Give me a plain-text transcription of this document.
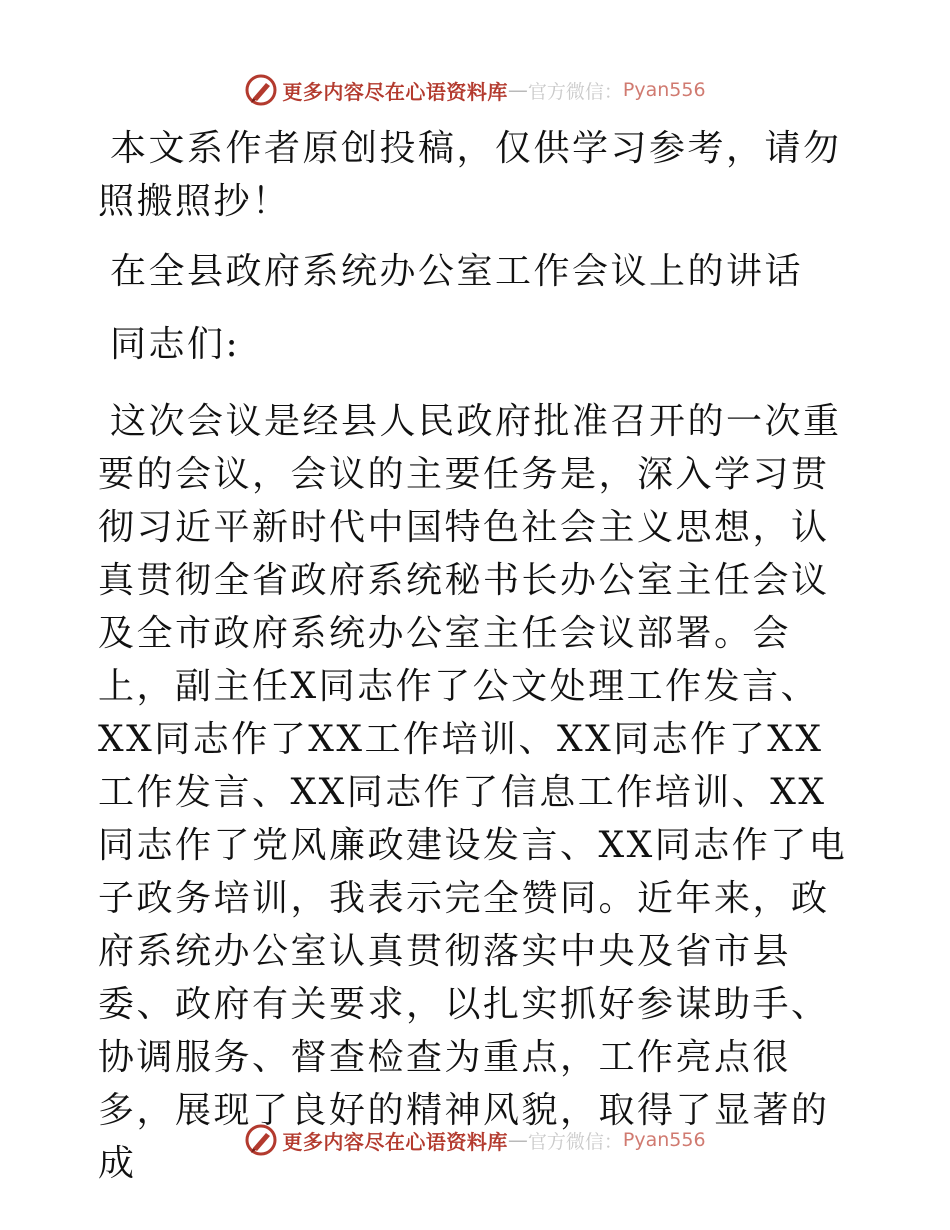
更多内容尽在心语资料库 — 官方微信： Pyan556

本文系作者原创投稿，仅供学习参考，请勿照搬照抄！

在全县政府系统办公室工作会议上的讲话

同志们:

这次会议是经县人民政府批准召开的一次重要的会议，会议的主要任务是，深入学习贯彻习近平新时代中国特色社会主义思想，认真贯彻全省政府系统秘书长办公室主任会议及全市政府系统办公室主任会议部署。会上，副主任X同志作了公文处理工作发言、XX同志作了XX工作培训、XX同志作了XX工作发言、XX同志作了信息工作培训、XX同志作了党风廉政建设发言、XX同志作了电子政务培训，我表示完全赞同。近年来，政府系统办公室认真贯彻落实中央及省市县委、政府有关要求，以扎实抓好参谋助手、协调服务、督查检查为重点，工作亮点很多，展现了良好的精神风貌，取得了显著的成

更多内容尽在心语资料库 — 官方微信： Pyan556
